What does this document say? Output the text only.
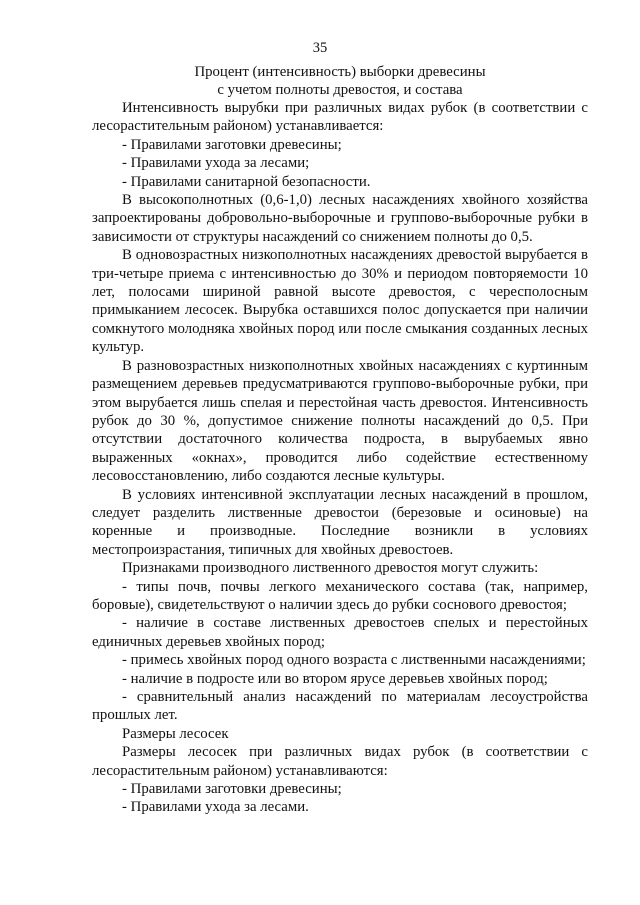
35
Процент (интенсивность) выборки древесины
с учетом полноты древостоя, и состава

Интенсивность вырубки при различных видах рубок (в соответствии с лесорастительным районом) устанавливается:

- Правилами заготовки древесины;

- Правилами ухода за лесами;

- Правилами санитарной безопасности.

В высокополнотных (0,6-1,0) лесных насаждениях хвойного хозяйства запроектированы добровольно-выборочные и группово-выборочные рубки в зависимости от структуры насаждений со снижением полноты до 0,5.

В одновозрастных низкополнотных насаждениях древостой вырубается в три-четыре приема с интенсивностью до 30% и периодом повторяемости 10 лет, полосами шириной равной высоте древостоя, с чересполосным примыканием лесосек. Вырубка оставшихся полос допускается при наличии сомкнутого молодняка хвойных пород или после смыкания созданных лесных культур.

В разновозрастных низкополнотных хвойных насаждениях с куртинным размещением деревьев предусматриваются группово-выборочные рубки, при этом вырубается лишь спелая и перестойная часть древостоя. Интенсивность рубок до 30 %, допустимое снижение полноты насаждений до 0,5. При отсутствии достаточного количества подроста, в вырубаемых явно выраженных «окнах», проводится либо содействие естественному лесовосстановлению, либо создаются лесные культуры.

В условиях интенсивной эксплуатации лесных насаждений в прошлом, следует разделить лиственные древостои (березовые и осиновые) на коренные и производные. Последние возникли в условиях местопроизрастания, типичных для хвойных древостоев.

Признаками производного лиственного древостоя могут служить:

- типы почв, почвы легкого механического состава (так, например, боровые), свидетельствуют о наличии здесь до рубки соснового древостоя;

- наличие в составе лиственных древостоев спелых и перестойных единичных деревьев хвойных пород;

- примесь хвойных пород одного возраста с лиственными насаждениями;

- наличие в подросте или во втором ярусе деревьев хвойных пород;

- сравнительный анализ насаждений по материалам лесоустройства прошлых лет.

Размеры лесосек

Размеры лесосек при различных видах рубок (в соответствии с лесорастительным районом) устанавливаются:

- Правилами заготовки древесины;

- Правилами ухода за лесами.
